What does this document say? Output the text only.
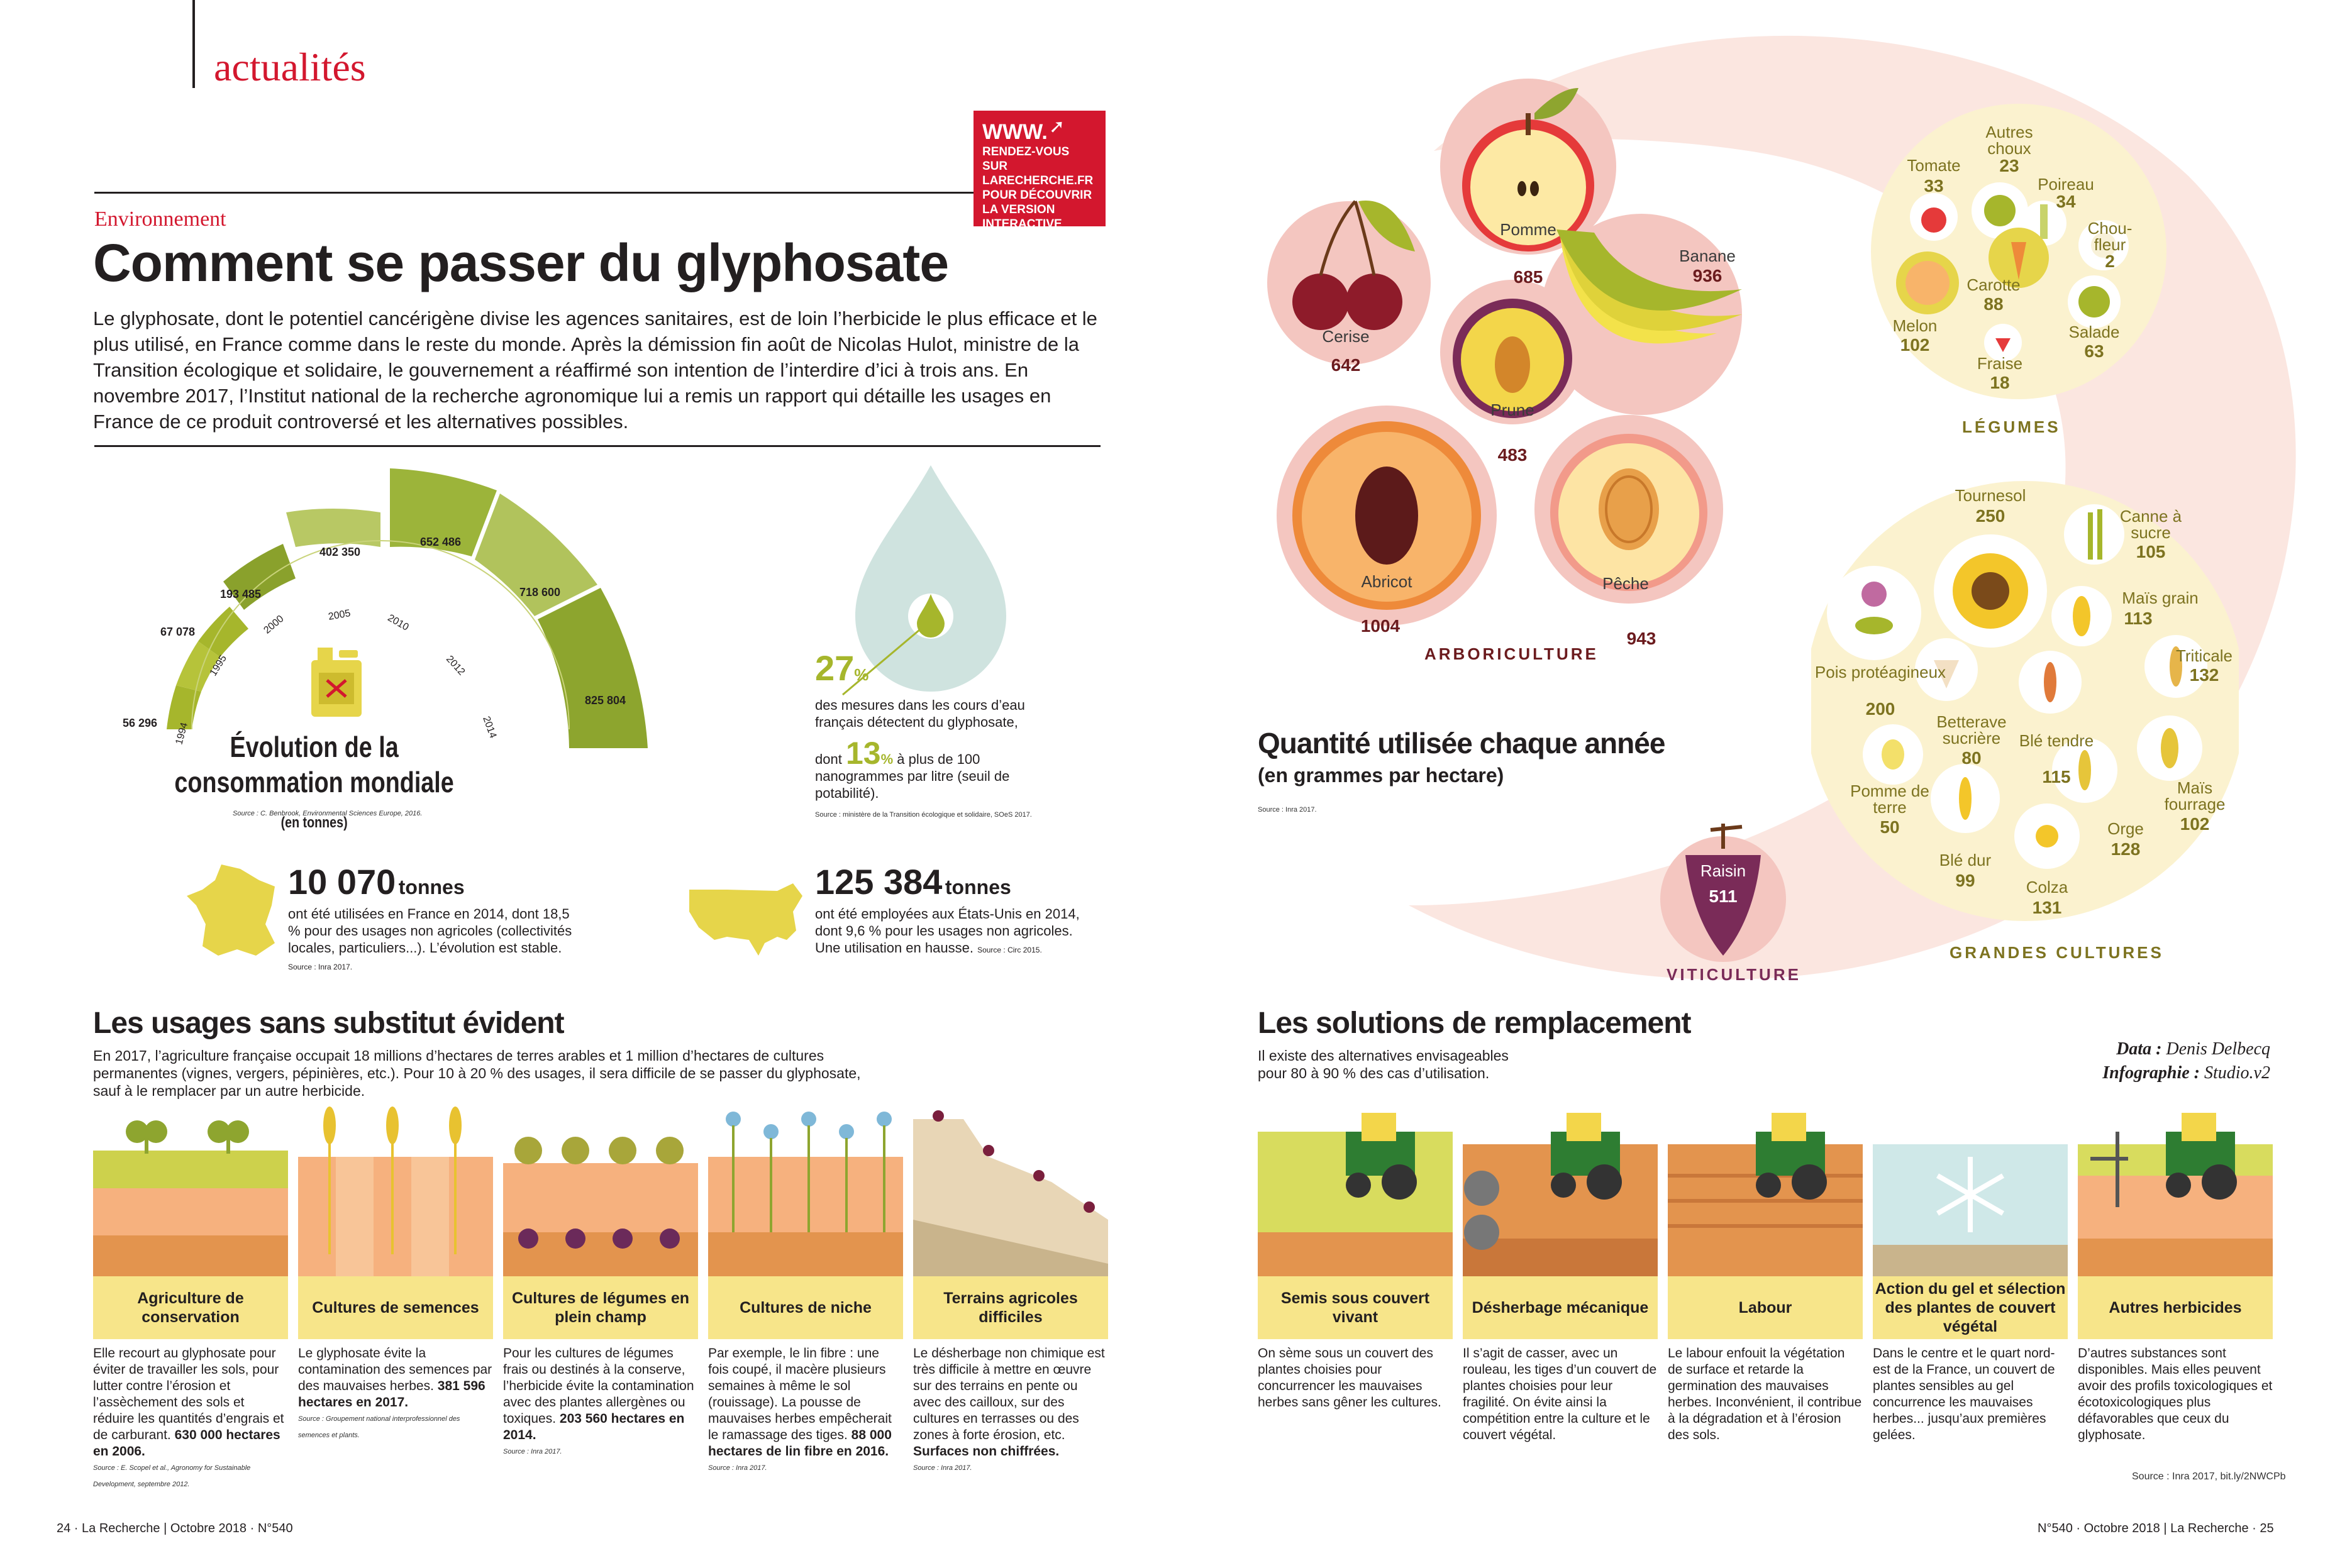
actualités
WWW. ➚
RENDEZ-VOUS SUR LARECHERCHE.FR POUR DÉCOUVRIR LA VERSION INTERACTIVE
Environnement
Comment se passer du glyphosate
Le glyphosate, dont le potentiel cancérigène divise les agences sanitaires, est de loin l’herbicide le plus efficace et le plus utilisé, en France comme dans le reste du monde. Après la démission fin août de Nicolas Hulot, ministre de la Transition écologique et solidaire, le gouvernement a réaffirmé son intention de l’interdire d’ici à trois ans. En novembre 2017, l’Institut national de la recherche agronomique lui a remis un rapport qui détaille les usages en France de ce produit controversé et les alternatives possibles.
56 296
67 078
193 485
402 350
652 486
718 600
825 804
1994
1995
2000	2005	2010
2012
2014
Évolution de la
consommation mondiale (en tonnes)
Source : C. Benbrook, Environmental Sciences Europe, 2016.
27%
des mesures dans les cours d’eau français détectent du glyphosate,
dont 13% à plus de 100 nanogrammes par litre (seuil de potabilité).
Source : ministère de la Transition écologique et solidaire, SOeS 2017.
10 070 tonnes
ont été utilisées en France en 2014, dont 18,5 % pour des usages non agricoles (collectivités locales, particuliers...). L’évolution est stable. Source : Inra 2017.
125 384 tonnes
ont été employées aux États-Unis en 2014, dont 9,6 % pour les usages non agricoles. Une utilisation en hausse. Source : Circ 2015.
Les usages sans substitut évident
En 2017, l’agriculture française occupait 18 millions d’hectares de terres arables et 1 million d’hectares de cultures permanentes (vignes, vergers, pépinières, etc.). Pour 10 à 20 % des usages, il sera difficile de se passer du glyphosate, sauf à le remplacer par un autre herbicide.
Agriculture de conservation
Cultures de semences
Cultures de légumes en plein champ
Cultures de niche
Terrains agricoles difficiles
Elle recourt au glyphosate pour éviter de travailler les sols, pour lutter contre l’érosion et l’assèchement des sols et réduire les quantités d’engrais et de carburant. 630 000 hectares en 2006.
Source : E. Scopel et al., Agronomy for Sustainable Development, septembre 2012.
Le glyphosate évite la contamination des semences par des mauvaises herbes. 381 596 hectares en 2017.
Source : Groupement national interprofessionnel des semences et plants.
Pour les cultures de légumes frais ou destinés à la conserve, l’herbicide évite la contamination avec des plantes allergènes ou toxiques. 203 560 hectares en 2014.
Source : Inra 2017.
Par exemple, le lin fibre : une fois coupé, il macère plusieurs semaines à même le sol (rouissage). La pousse de mauvaises herbes empêcherait le ramassage des tiges. 88 000 hectares de lin fibre en 2016.
Source : Inra 2017.
Le désherbage non chimique est très difficile à mettre en œuvre sur des terrains en pente ou avec des cailloux, sur des cultures en terrasses ou des zones à forte érosion, etc. Surfaces non chiffrées.
Source : Inra 2017.
24 · La Recherche | Octobre 2018 · N°540
Pomme
685
Cerise
642
Banane
936
Prune
483
Abricot
1004
Pêche
943
ARBORICULTURE
Raisin
511
VITICULTURE
Tomate
33
Autres choux
23
Poireau
34
Chou-fleur
2
Carotte
88
Melon
102
Salade
63
Fraise
18
LÉGUMES
Tournesol
250	Canne à sucre
105
Maïs grain
113
Pois protéagineux
200
Triticale
132
Betterave sucrière
80
Blé tendre
115
Maïs fourrage
102
Pomme de terre
50	Orge
128
Blé dur
99	Colza
131
GRANDES CULTURES
Quantité utilisée chaque année
(en grammes par hectare)
Source : Inra 2017.
Les solutions de remplacement
Il existe des alternatives envisageables pour 80 à 90 % des cas d’utilisation.
Data : Denis Delbecq
Infographie : Studio.v2
Semis sous couvert vivant
Désherbage mécanique	Labour
Action du gel et sélection des plantes de couvert végétal
Autres herbicides
On sème sous un couvert des plantes choisies pour concurrencer les mauvaises herbes sans gêner les cultures.
Il s’agit de casser, avec un rouleau, les tiges d’un couvert de plantes choisies pour leur fragilité. On évite ainsi la compétition entre la culture et le couvert végétal.
Le labour enfouit la végétation de surface et retarde la germination des mauvaises herbes. Inconvénient, il contribue à la dégradation et à l’érosion des sols.
Dans le centre et le quart nord-est de la France, un couvert de plantes sensibles au gel concurrence les mauvaises herbes... jusqu’aux premières gelées.
D’autres substances sont disponibles. Mais elles peuvent avoir des profils toxicologiques et écotoxicologiques plus défavorables que ceux du glyphosate.
Source : Inra 2017, bit.ly/2NWCPb
N°540 · Octobre 2018 | La Recherche · 25
